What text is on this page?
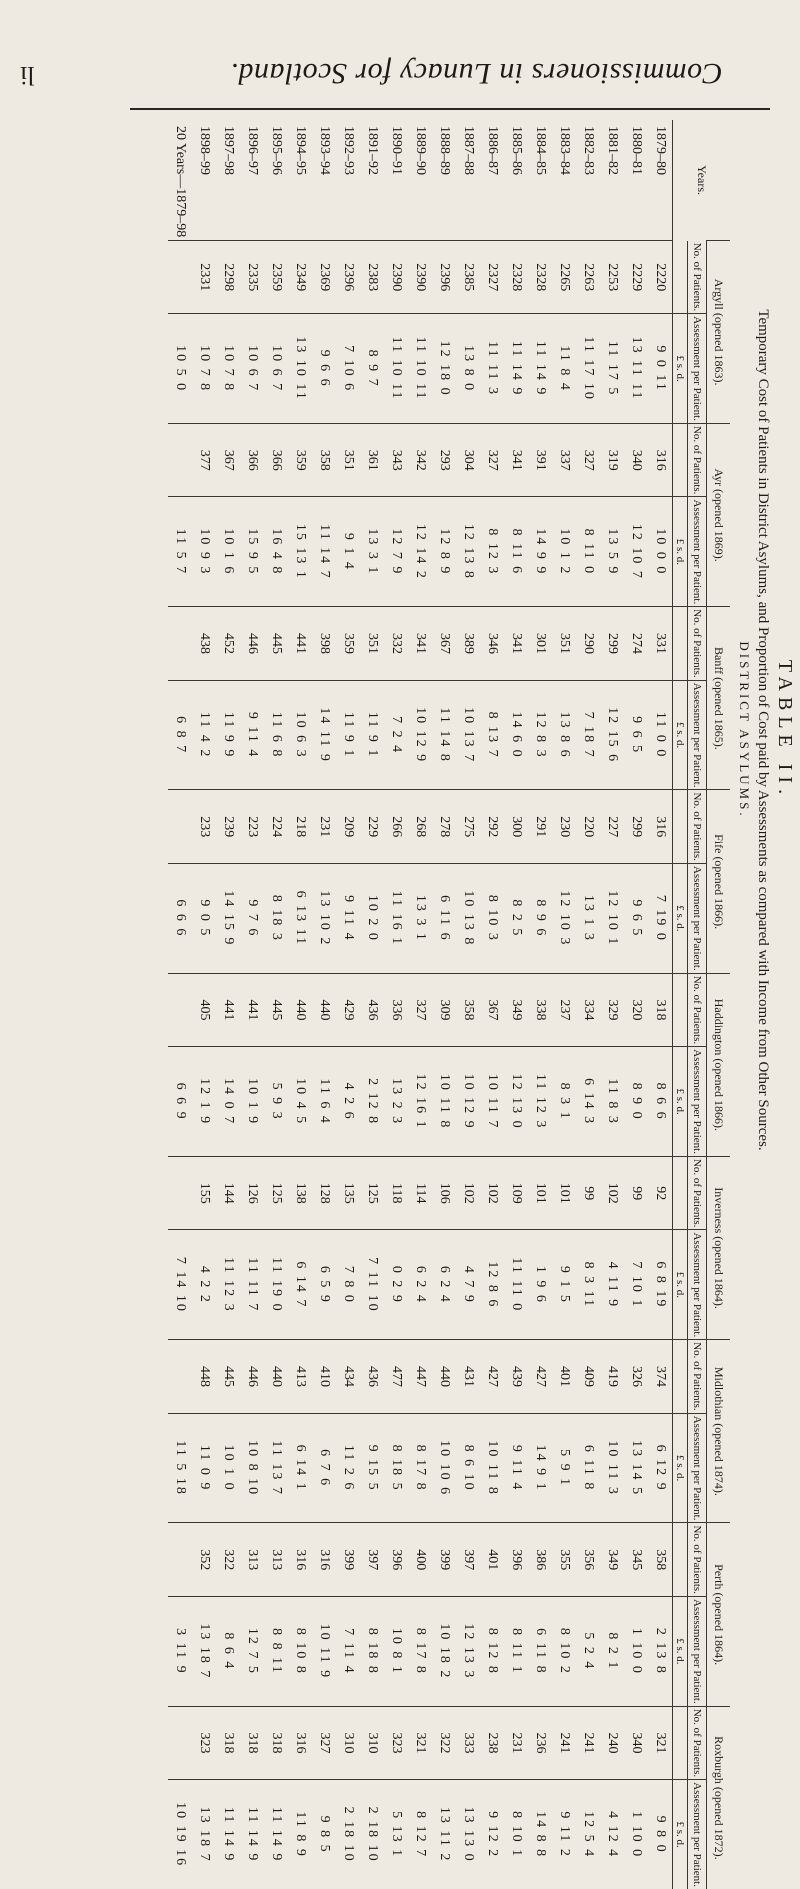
Commissioners in Lunacy for Scotland.
li
TABLE II.
Temporary Cost of Patients in District Asylums, and Proportion of Cost paid by Assessments as compared with Income from Other Sources.
DISTRICT ASYLUMS.
Years.	Argyll (opened 1863).		Ayr (opened 1869).		Banff (opened 1865).		Fife (opened 1866).		Haddington (opened 1866).		Inverness (opened 1864).		Midlothian (opened 1874).		Perth (opened 1864).		Roxburgh (opened 1872).	
	No. of Patients.	Assessment per Patient.	No. of Patients.	Assessment per Patient.	No. of Patients.	Assessment per Patient.	No. of Patients.	Assessment per Patient.	No. of Patients.	Assessment per Patient.	No. of Patients.	Assessment per Patient.	No. of Patients.	Assessment per Patient.	No. of Patients.	Assessment per Patient.	No. of Patients.	Assessment per Patient.
		£ s. d.		£ s. d.		£ s. d.		£ s. d.		£ s. d.		£ s. d.		£ s. d.		£ s. d.		£ s. d.
1879–80	2220	9 0 11	316	10 0 0	331	11 0 0	316	7 19 0	318	8 6 6	92	6 8 19	374	6 12 9	358	2 13 8	321	9 8 0
1880–81	2229	13 11 11	340	12 10 7	274	9 6 5	299	9 6 5	320	8 9 0	99	7 10 1	326	13 14 5	345	1 10 0	340	1 10 0
1881–82	2253	11 17 5	319	13 5 9	299	12 15 6	227	12 10 1	329	11 8 3	102	4 11 9	419	10 11 3	349	8 2 1	240	4 12 4
1882–83	2263	11 17 10	327	8 11 0	290	7 18 7	220	13 1 3	334	6 14 3	99	8 3 11	409	6 11 8	356	5 2 4	241	12 5 4
1883–84	2265	11 8 4	337	10 1 2	351	13 8 6	230	12 10 3	237	8 3 1	101	9 1 5	401	5 9 1	355	8 10 2	241	9 11 2
1884–85	2328	11 14 9	391	14 9 9	301	12 8 3	291	8 9 6	338	11 12 3	101	1 9 6	427	14 9 1	386	6 11 8	236	14 8 8
1885–86	2328	11 14 9	341	8 11 6	341	14 6 0	300	8 2 5	349	12 13 0	109	11 11 0	439	9 11 4	396	8 11 1	231	8 10 1
1886–87	2327	11 11 3	327	8 12 3	346	8 13 7	292	8 10 3	367	10 11 7	102	12 8 6	427	10 11 8	401	8 12 8	238	9 12 2
1887–88	2385	13 8 0	304	12 13 8	389	10 13 7	275	10 13 8	358	10 12 9	102	4 7 9	431	8 6 10	397	12 13 3	333	13 13 0
1888–89	2396	12 18 0	293	12 8 9	367	11 14 8	278	6 11 6	309	10 11 8	106	6 2 4	440	10 10 6	399	10 18 2	322	13 11 2
1889–90	2390	11 10 11	342	12 14 2	341	10 12 9	268	13 3 1	327	12 16 1	114	6 2 4	447	8 17 8	400	8 17 8	321	8 12 7
1890–91	2390	11 10 11	343	12 7 9	332	7 2 4	266	11 16 1	336	13 2 3	118	0 2 9	477	8 18 5	396	10 8 1	323	5 13 1
1891–92	2383	8 9 7	361	13 3 1	351	11 9 1	229	10 2 0	436	2 12 8	125	7 11 10	436	9 15 5	397	8 18 8	310	2 18 10
1892–93	2396	7 10 6	351	9 1 4	359	11 9 1	209	9 11 4	429	4 2 6	135	7 8 0	434	11 2 6	399	7 11 4	310	2 18 10
1893–94	2369	9 6 6	358	11 14 7	398	14 11 9	231	13 10 2	440	11 6 4	128	6 5 9	410	6 7 6	316	10 11 9	327	9 8 5
1894–95	2349	13 10 11	359	15 13 1	441	10 6 3	218	6 13 11	440	10 4 5	138	6 14 7	413	6 14 1	316	8 10 8	316	11 8 9
1895–96	2359	10 6 7	366	16 4 8	445	11 6 8	224	8 18 3	445	5 9 3	125	11 19 0	440	11 13 7	313	8 8 11	318	11 14 9
1896–97	2335	10 6 7	366	15 9 5	446	9 11 4	223	9 7 6	441	10 1 9	126	11 11 7	446	10 8 10	313	12 7 5	318	11 14 9
1897–98	2298	10 7 8	367	10 1 6	452	11 9 9	239	14 15 9	441	14 0 7	144	11 12 3	445	10 1 0	322	8 6 4	318	11 14 9
1898–99	2331	10 7 8	377	10 9 3	438	11 4 2	233	9 0 5	405	12 1 9	155	4 2 2	448	11 0 9	352	13 18 7	323	13 18 7
20 Years—1879–98		10 5 0		11 5 7		6 8 7		6 6 6		6 6 9		7 14 10		11 5 18		3 11 9		10 19 16
